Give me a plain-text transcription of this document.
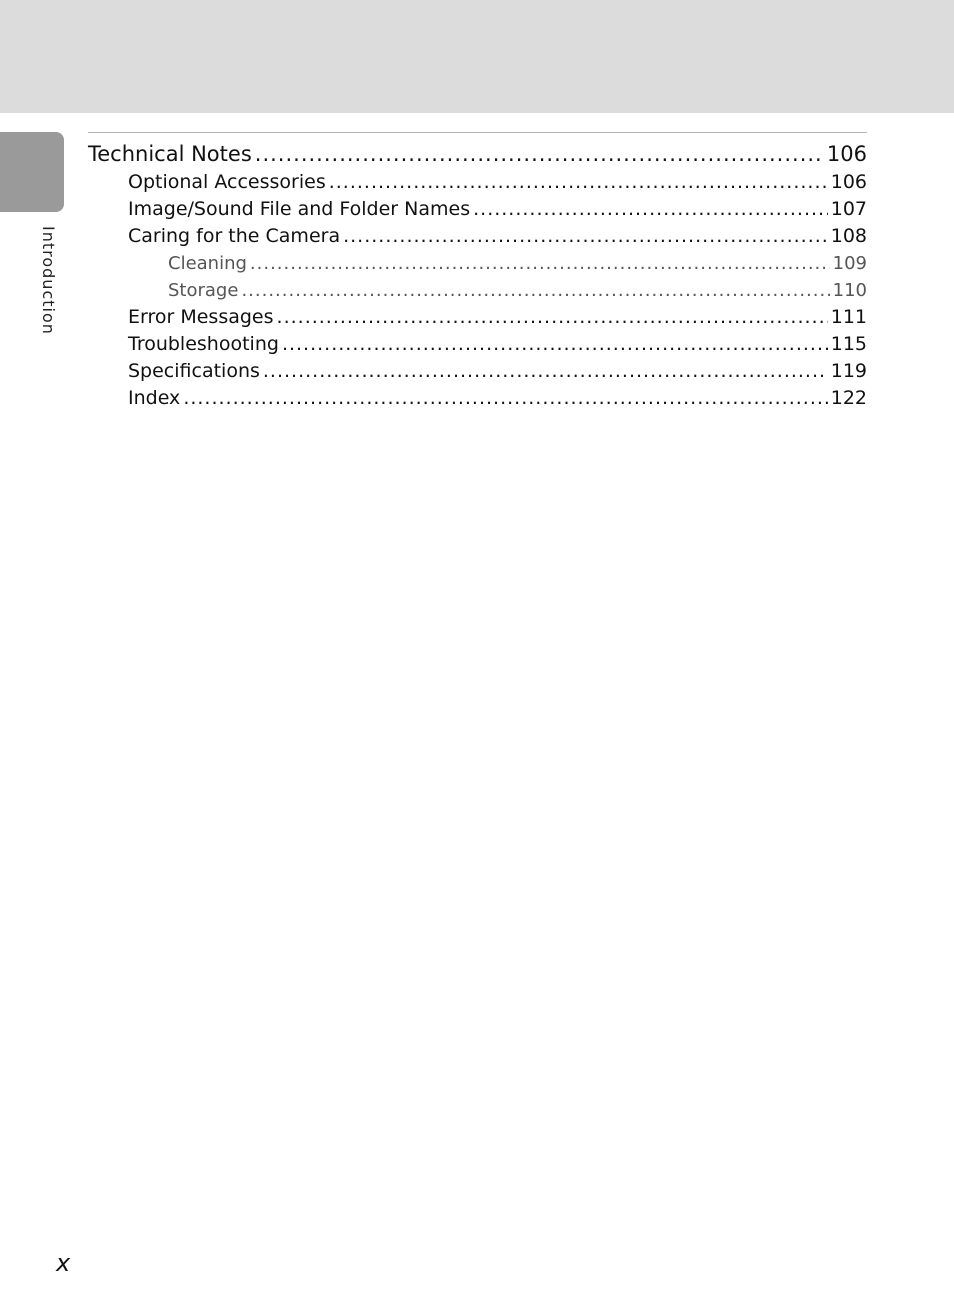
Introduction
Technical Notes .....	106
Optional Accessories .....	106
Image/Sound File and Folder Names .....	107
Caring for the Camera .....	108
Cleaning .....	109
Storage .....	110
Error Messages .....	111
Troubleshooting .....	115
Specifications .....	119
Index .....	122
x
